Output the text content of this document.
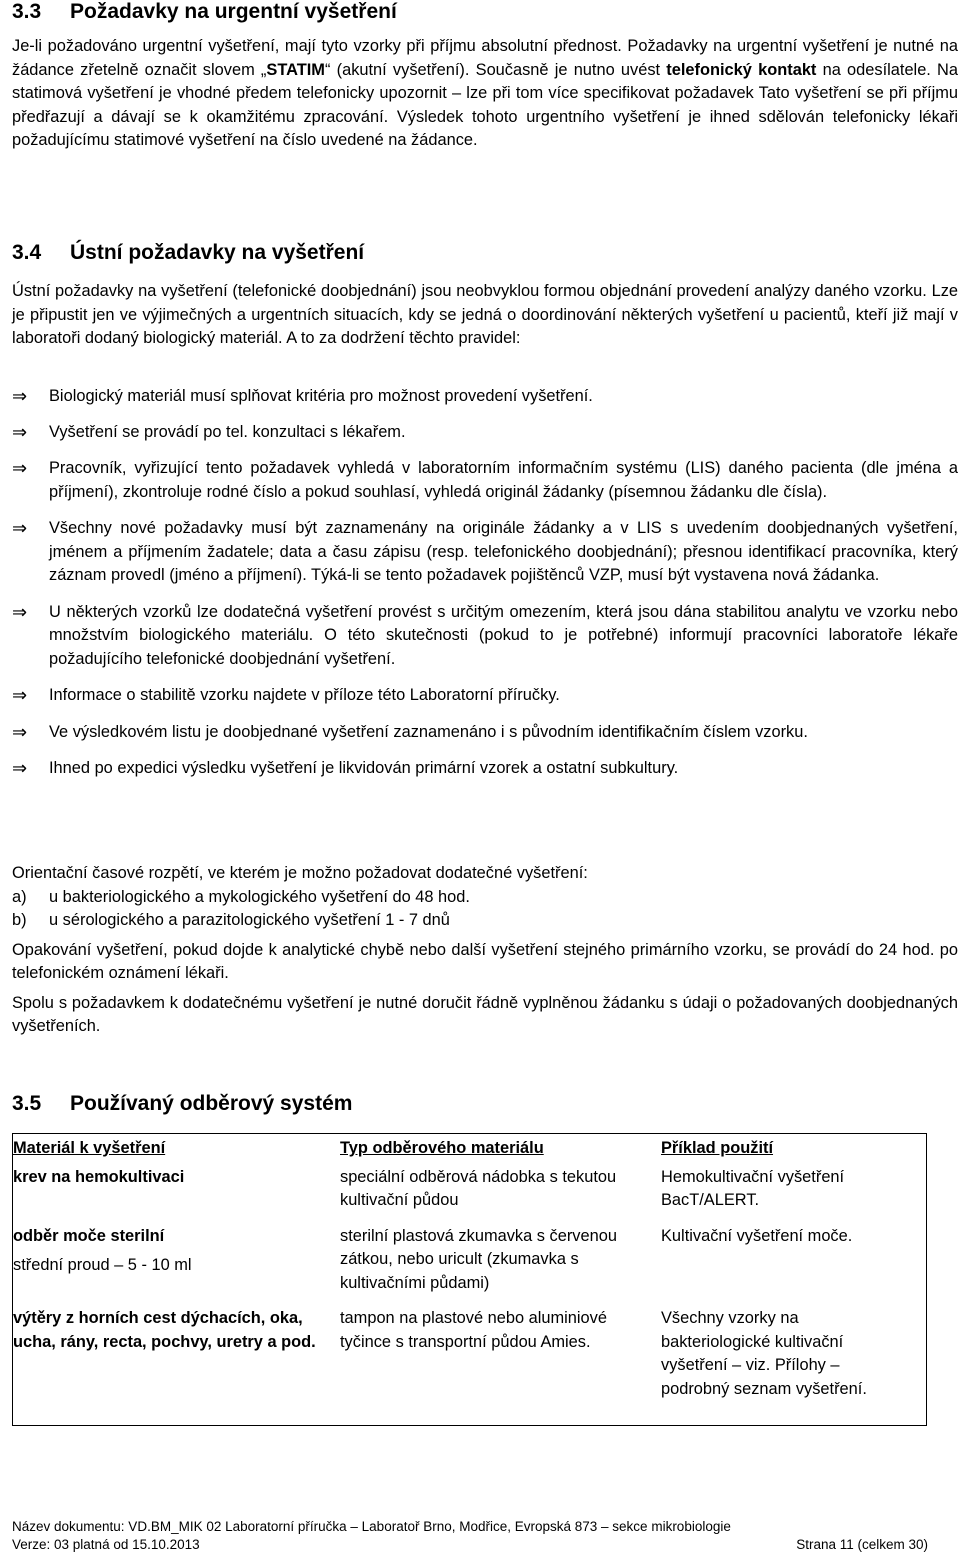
3.3	Požadavky na urgentní vyšetření

Je-li požadováno urgentní vyšetření, mají tyto vzorky při příjmu absolutní přednost. Požadavky na urgentní vyšetření je nutné na žádance zřetelně označit slovem „STATIM“ (akutní vyšetření). Současně je nutno uvést telefonický kontakt na odesílatele. Na statimová vyšetření je vhodné předem telefonicky upozornit – lze při tom více specifikovat požadavek Tato vyšetření se při příjmu předřazují a dávají se k okamžitému zpracování. Výsledek tohoto urgentního vyšetření je ihned sdělován telefonicky lékaři požadujícímu statimové vyšetření na číslo uvedené na žádance.

3.4	Ústní požadavky na vyšetření

Ústní požadavky na vyšetření (telefonické doobjednání) jsou neobvyklou formou objednání provedení analýzy daného vzorku. Lze je připustit jen ve výjimečných a urgentních situacích, kdy se jedná o doordinování některých vyšetření u pacientů, kteří již mají v laboratoři dodaný biologický materiál. A to za dodržení těchto pravidel:

⇒ Biologický materiál musí splňovat kritéria pro možnost provedení vyšetření.
⇒ Vyšetření se provádí po tel. konzultaci s lékařem.
⇒ Pracovník, vyřizující tento požadavek vyhledá v laboratorním informačním systému (LIS) daného pacienta (dle jména a příjmení), zkontroluje rodné číslo a pokud souhlasí, vyhledá originál žádanky (písemnou žádanku dle čísla).
⇒ Všechny nové požadavky musí být zaznamenány na originále žádanky a v LIS s uvedením doobjednaných vyšetření, jménem a příjmením žadatele; data a času zápisu (resp. telefonického doobjednání); přesnou identifikací pracovníka, který záznam provedl (jméno a příjmení). Týká-li se tento požadavek pojištěnců VZP, musí být vystavena nová žádanka.
⇒ U některých vzorků lze dodatečná vyšetření provést s určitým omezením, která jsou dána stabilitou analytu ve vzorku nebo množstvím biologického materiálu. O této skutečnosti (pokud to je potřebné) informují pracovníci laboratoře lékaře požadujícího telefonické doobjednání vyšetření.
⇒ Informace o stabilitě vzorku najdete v příloze této Laboratorní příručky.
⇒ Ve výsledkovém listu je doobjednané vyšetření zaznamenáno i s původním identifikačním číslem vzorku.
⇒ Ihned po expedici výsledku vyšetření je likvidován primární vzorek a ostatní subkultury.

Orientační časové rozpětí, ve kterém je možno požadovat dodatečné vyšetření:

a)	u bakteriologického a mykologického vyšetření do 48 hod.

b)	u sérologického a parazitologického vyšetření 1 - 7 dnů

Opakování vyšetření, pokud dojde k analytické chybě nebo další vyšetření stejného primárního vzorku, se provádí do 24 hod. po telefonickém oznámení lékaři.

Spolu s požadavkem k dodatečnému vyšetření je nutné doručit řádně vyplněnou žádanku s údaji o požadovaných doobjednaných vyšetřeních.

3.5	Používaný odběrový systém
Materiál k vyšetření	Typ odběrového materiálu	Příklad použití

krev na hemokultivaci	speciální odběrová nádobka s tekutou kultivační půdou	Hemokultivační vyšetření BacT/ALERT.

odběr moče sterilní
střední proud – 5 - 10 ml	sterilní plastová zkumavka s červenou zátkou, nebo uricult (zkumavka s kultivačními půdami)	Kultivační vyšetření moče.

výtěry z horních cest dýchacích, oka, ucha, rány, recta, pochvy, uretry a pod.	tampon na plastové nebo aluminiové tyčince s transportní půdou Amies.	Všechny vzorky na bakteriologické kultivační vyšetření – viz. Přílohy – podrobný seznam vyšetření.
Název dokumentu: VD.BM_MIK 02 Laboratorní příručka – Laboratoř Brno, Modřice, Evropská 873 – sekce mikrobiologie
Verze: 03 platná od 15.10.2013	Strana 11 (celkem 30)
